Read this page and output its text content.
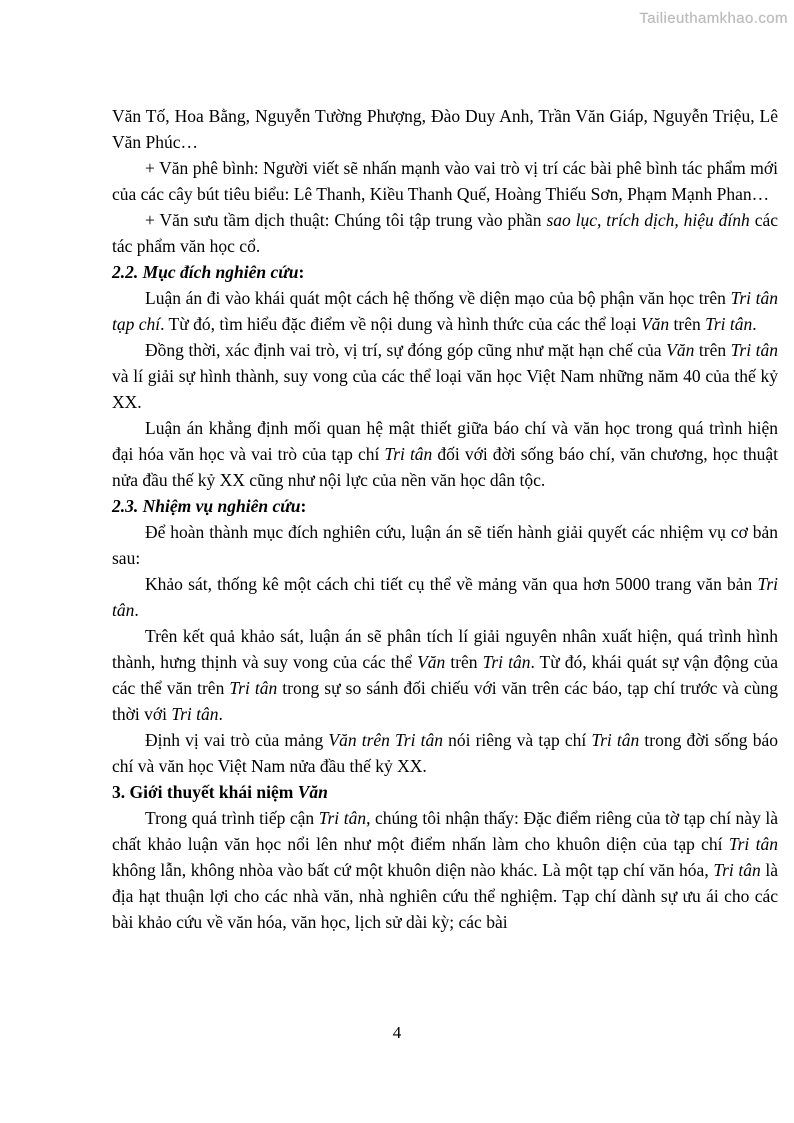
Tailieuthamkhao.com

Văn Tố, Hoa Bằng, Nguyễn Tường Phượng, Đào Duy Anh, Trần Văn Giáp, Nguyễn Triệu, Lê Văn Phúc…

+ Văn phê bình: Người viết sẽ nhấn mạnh vào vai trò vị trí các bài phê bình tác phẩm mới của các cây bút tiêu biểu: Lê Thanh, Kiều Thanh Quế, Hoàng Thiếu Sơn, Phạm Mạnh Phan…

+ Văn sưu tầm dịch thuật: Chúng tôi tập trung vào phần sao lục, trích dịch, hiệu đính các tác phẩm văn học cổ.

2.2. Mục đích nghiên cứu:

Luận án đi vào khái quát một cách hệ thống về diện mạo của bộ phận văn học trên Tri tân tạp chí. Từ đó, tìm hiểu đặc điểm về nội dung và hình thức của các thể loại Văn trên Tri tân.

Đồng thời, xác định vai trò, vị trí, sự đóng góp cũng như mặt hạn chế của Văn trên Tri tân và lí giải sự hình thành, suy vong của các thể loại văn học Việt Nam những năm 40 của thế kỷ XX.

Luận án khẳng định mối quan hệ mật thiết giữa báo chí và văn học trong quá trình hiện đại hóa văn học và vai trò của tạp chí Tri tân đối với đời sống báo chí, văn chương, học thuật nửa đầu thế kỷ XX cũng như nội lực của nền văn học dân tộc.

2.3. Nhiệm vụ nghiên cứu:

Để hoàn thành mục đích nghiên cứu, luận án sẽ tiến hành giải quyết các nhiệm vụ cơ bản sau:

Khảo sát, thống kê một cách chi tiết cụ thể về mảng văn qua hơn 5000 trang văn bản Tri tân.

Trên kết quả khảo sát, luận án sẽ phân tích lí giải nguyên nhân xuất hiện, quá trình hình thành, hưng thịnh và suy vong của các thể Văn trên Tri tân. Từ đó, khái quát sự vận động của các thể văn trên Tri tân trong sự so sánh đối chiếu với văn trên các báo, tạp chí trước và cùng thời với Tri tân.

Định vị vai trò của mảng Văn trên Tri tân nói riêng và tạp chí Tri tân trong đời sống báo chí và văn học Việt Nam nửa đầu thế kỷ XX.

3. Giới thuyết khái niệm Văn

Trong quá trình tiếp cận Tri tân, chúng tôi nhận thấy: Đặc điểm riêng của tờ tạp chí này là chất khảo luận văn học nổi lên như một điểm nhấn làm cho khuôn diện của tạp chí Tri tân không lẫn, không nhòa vào bất cứ một khuôn diện nào khác. Là một tạp chí văn hóa, Tri tân là địa hạt thuận lợi cho các nhà văn, nhà nghiên cứu thể nghiệm. Tạp chí dành sự ưu ái cho các bài khảo cứu về văn hóa, văn học, lịch sử dài kỳ; các bài

4
